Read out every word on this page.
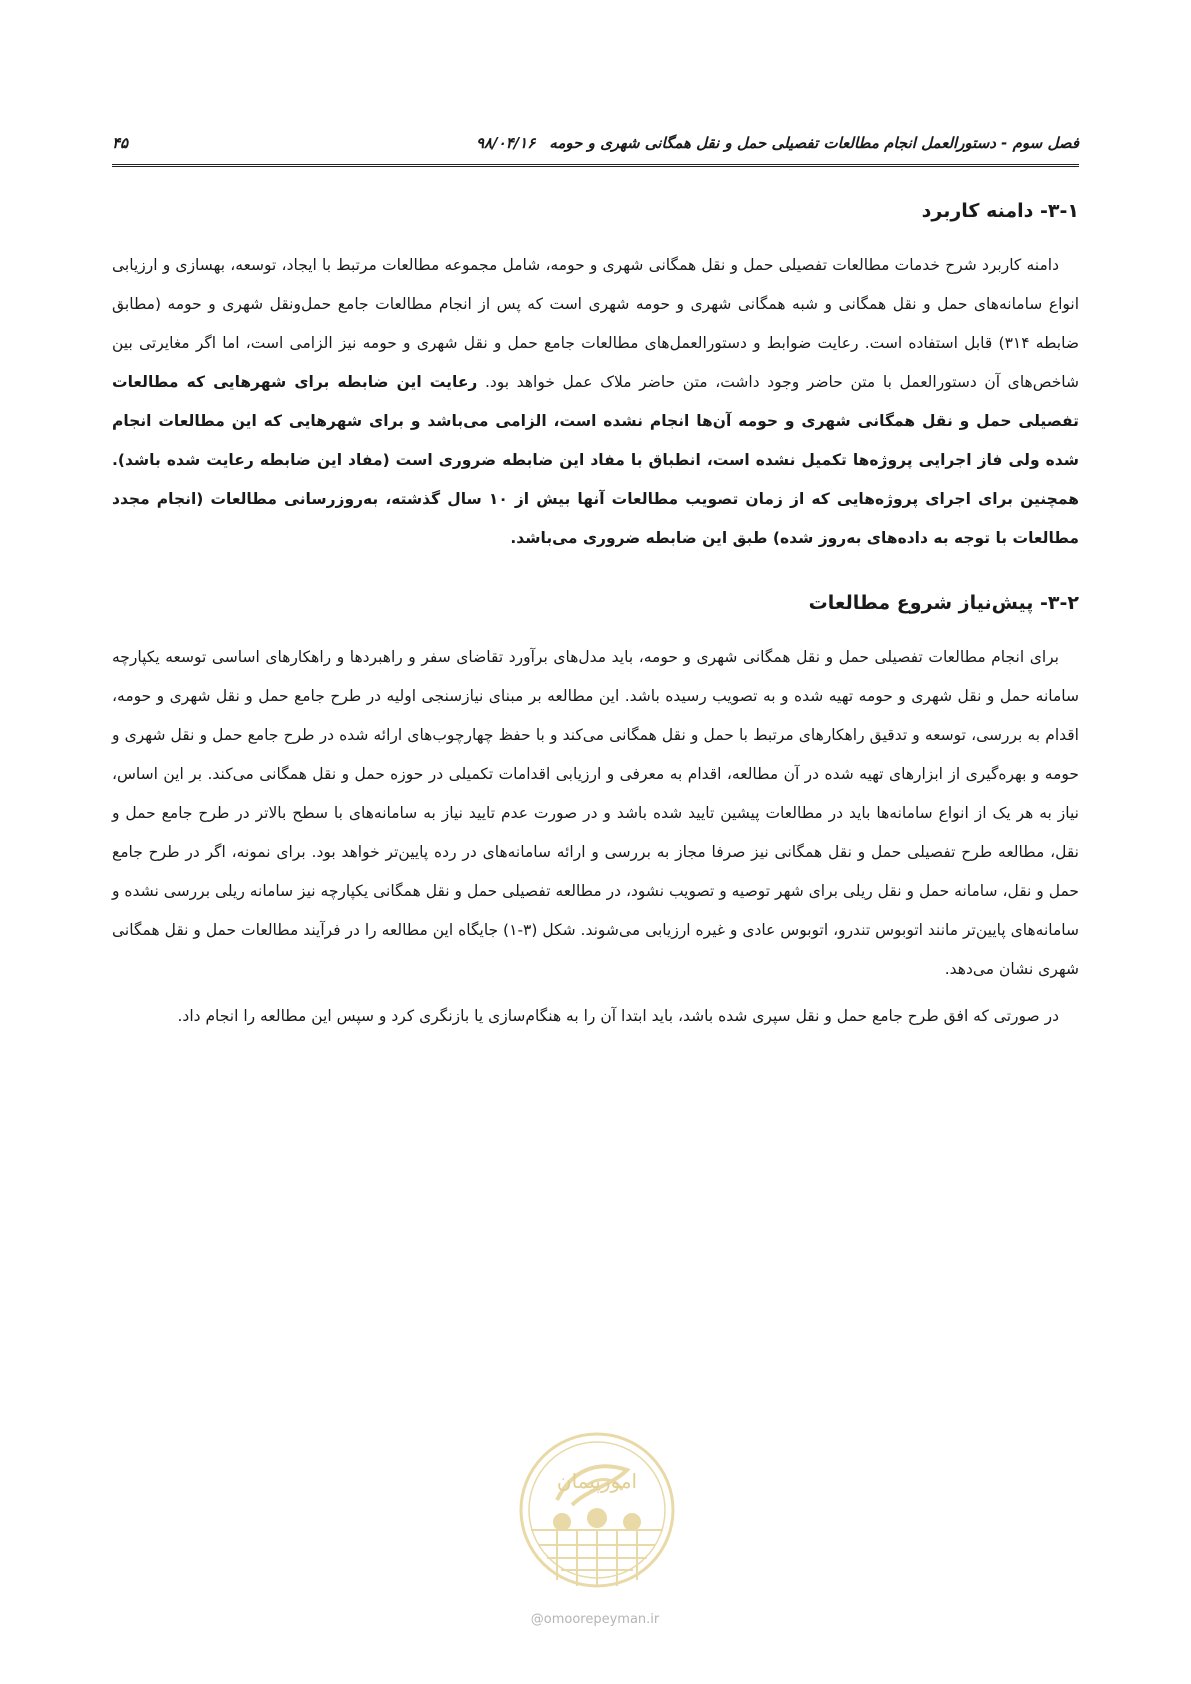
فصل سوم - دستورالعمل انجام مطالعات تفصیلی حمل و نقل همگانی شهری و حومه۹۸/۰۴/۱۶
۴۵
۳-۱- دامنه کاربرد

دامنه کاربرد شرح خدمات مطالعات تفصیلی حمل و نقل همگانی شهری و حومه، شامل مجموعه مطالعات مرتبط با ایجاد، توسعه، بهسازی و ارزیابی انواع سامانه‌های حمل و نقل همگانی و شبه همگانی شهری و حومه شهری است که پس از انجام مطالعات جامع حمل‌ونقل شهری و حومه (مطابق ضابطه ۳۱۴) قابل استفاده است. رعایت ضوابط و دستورالعمل‌های مطالعات جامع حمل و نقل شهری و حومه نیز الزامی است، اما اگر مغایرتی بین شاخص‌های آن دستورالعمل با متن حاضر وجود داشت، متن حاضر ملاک عمل خواهد بود. رعایت این ضابطه برای شهرهایی که مطالعات تفصیلی حمل و نقل همگانی شهری و حومه آن‌ها انجام نشده است، الزامی می‌باشد و برای شهرهایی که این مطالعات انجام شده ولی فاز اجرایی پروژه‌ها تکمیل نشده است، انطباق با مفاد این ضابطه ضروری است (مفاد این ضابطه رعایت شده باشد). همچنین برای اجرای پروژه‌هایی که از زمان تصویب مطالعات آنها بیش از ۱۰ سال گذشته، به‌روزرسانی مطالعات (انجام مجدد مطالعات با توجه به داده‌های به‌روز شده) طبق این ضابطه ضروری می‌باشد.

۳-۲- پیش‌نیاز شروع مطالعات

برای انجام مطالعات تفصیلی حمل و نقل همگانی شهری و حومه، باید مدل‌های برآورد تقاضای سفر و راهبردها و راهکارهای اساسی توسعه یکپارچه سامانه حمل و نقل شهری و حومه تهیه شده و به تصویب رسیده باشد. این مطالعه بر مبنای نیازسنجی اولیه در طرح جامع حمل و نقل شهری و حومه، اقدام به بررسی، توسعه و تدقیق راهکارهای مرتبط با حمل و نقل همگانی می‌کند و با حفظ چهارچوب‌های ارائه شده در طرح جامع حمل و نقل شهری و حومه و بهره‌گیری از ابزارهای تهیه شده در آن مطالعه، اقدام به معرفی و ارزیابی اقدامات تکمیلی در حوزه حمل و نقل همگانی می‌کند. بر این اساس، نیاز به هر یک از انواع سامانه‌ها باید در مطالعات پیشین تایید شده باشد و در صورت عدم تایید نیاز به سامانه‌های با سطح بالاتر در طرح جامع حمل و نقل، مطالعه طرح تفصیلی حمل و نقل همگانی نیز صرفا مجاز به بررسی و ارائه سامانه‌های در رده پایین‌تر خواهد بود. برای نمونه، اگر در طرح جامع حمل و نقل، سامانه حمل و نقل ریلی برای شهر توصیه و تصویب نشود، در مطالعه تفصیلی حمل و نقل همگانی یکپارچه نیز سامانه ریلی بررسی نشده و سامانه‌های پایین‌تر مانند اتوبوس تندرو، اتوبوس عادی و غیره ارزیابی می‌شوند. شکل (۳-۱) جایگاه این مطالعه را در فرآیند مطالعات حمل و نقل همگانی شهری نشان می‌دهد.

در صورتی که افق طرح جامع حمل و نقل سپری شده باشد، باید ابتدا آن را به هنگام‌سازی یا بازنگری کرد و سپس این مطالعه را انجام داد.

امورپیمان
@omoorepeyman.ir
